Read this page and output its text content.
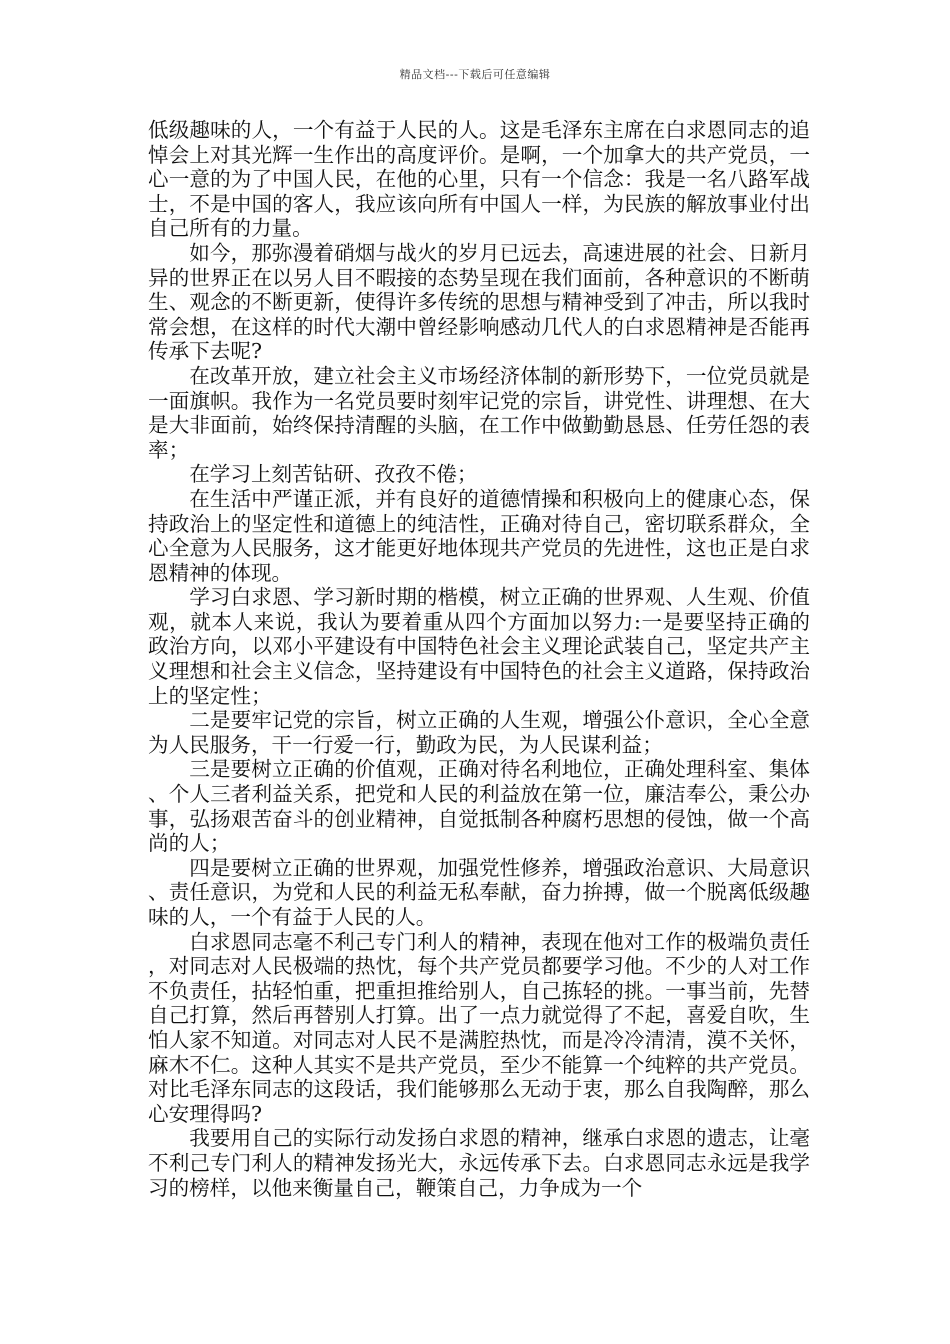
精品文档---下载后可任意编辑

低级趣味的人，一个有益于人民的人。这是毛泽东主席在白求恩同志的追悼会上对其光辉一生作出的高度评价。是啊，一个加拿大的共产党员，一心一意的为了中国人民，在他的心里，只有一个信念：我是一名八路军战士，不是中国的客人，我应该向所有中国人一样，为民族的解放事业付出自己所有的力量。

如今，那弥漫着硝烟与战火的岁月已远去，高速进展的社会、日新月异的世界正在以另人目不暇接的态势呈现在我们面前，各种意识的不断萌生、观念的不断更新，使得许多传统的思想与精神受到了冲击，所以我时常会想，在这样的时代大潮中曾经影响感动几代人的白求恩精神是否能再传承下去呢?

在改革开放，建立社会主义市场经济体制的新形势下，一位党员就是一面旗帜。我作为一名党员要时刻牢记党的宗旨，讲党性、讲理想、在大是大非面前，始终保持清醒的头脑，在工作中做勤勤恳恳、任劳任怨的表率；

在学习上刻苦钻研、孜孜不倦；

在生活中严谨正派，并有良好的道德情操和积极向上的健康心态，保持政治上的坚定性和道德上的纯洁性，正确对待自己，密切联系群众，全心全意为人民服务，这才能更好地体现共产党员的先进性，这也正是白求恩精神的体现。

学习白求恩、学习新时期的楷模，树立正确的世界观、人生观、价值观，就本人来说，我认为要着重从四个方面加以努力:一是要坚持正确的政治方向，以邓小平建设有中国特色社会主义理论武装自己，坚定共产主义理想和社会主义信念，坚持建设有中国特色的社会主义道路，保持政治上的坚定性；

二是要牢记党的宗旨，树立正确的人生观，增强公仆意识，全心全意为人民服务，干一行爱一行，勤政为民，为人民谋利益；

三是要树立正确的价值观，正确对待名利地位，正确处理科室、集体、个人三者利益关系，把党和人民的利益放在第一位，廉洁奉公，秉公办事，弘扬艰苦奋斗的创业精神，自觉抵制各种腐朽思想的侵蚀，做一个高尚的人；

四是要树立正确的世界观，加强党性修养，增强政治意识、大局意识、责任意识，为党和人民的利益无私奉献，奋力拚搏，做一个脱离低级趣味的人，一个有益于人民的人。

白求恩同志毫不利己专门利人的精神，表现在他对工作的极端负责任，对同志对人民极端的热忱，每个共产党员都要学习他。不少的人对工作不负责任，拈轻怕重，把重担推给别人，自己拣轻的挑。一事当前，先替自己打算，然后再替别人打算。出了一点力就觉得了不起，喜爱自吹，生怕人家不知道。对同志对人民不是满腔热忱，而是冷冷清清，漠不关怀，麻木不仁。这种人其实不是共产党员，至少不能算一个纯粹的共产党员。对比毛泽东同志的这段话，我们能够那么无动于衷，那么自我陶醉，那么心安理得吗?

我要用自己的实际行动发扬白求恩的精神，继承白求恩的遗志，让毫不利己专门利人的精神发扬光大，永远传承下去。白求恩同志永远是我学习的榜样，以他来衡量自己，鞭策自己，力争成为一个
